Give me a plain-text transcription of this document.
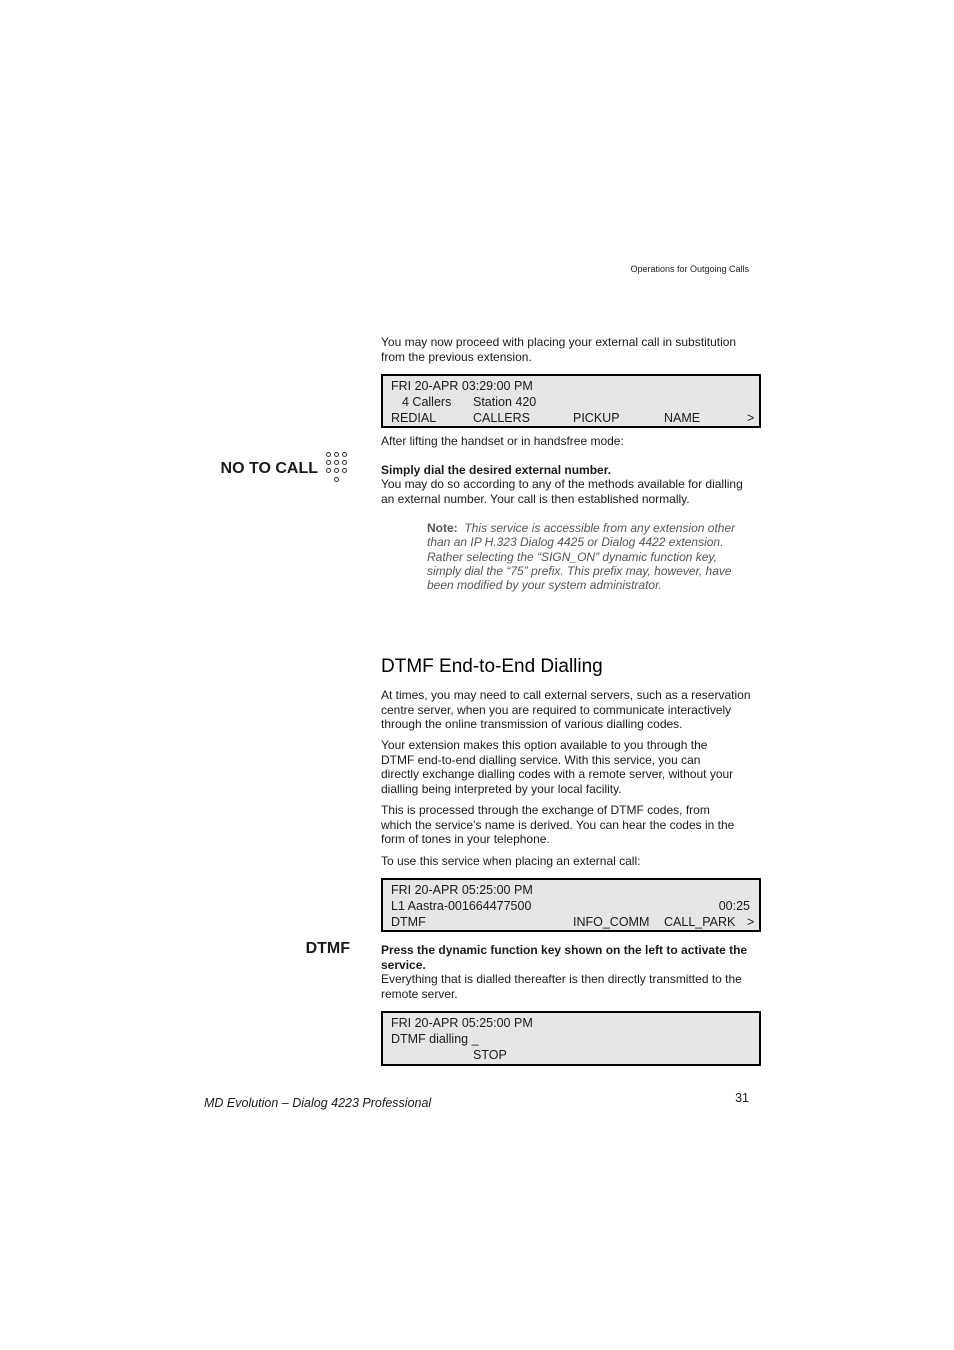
Operations for Outgoing Calls

You may now proceed with placing your external call in substitution from the previous extension.

FRI 20-APR 03:29:00 PM
4 Callers Station 420
REDIAL	CALLERS	PICKUP	NAME	>

After lifting the handset or in handsfree mode:

NO TO CALL	Simply dial the desired external number.

You may do so according to any of the methods available for dialling an external number. Your call is then established normally.

Note: This service is accessible from any extension other than an IP H.323 Dialog 4425 or Dialog 4422 extension. Rather selecting the “SIGN_ON” dynamic function key, simply dial the “75” prefix. This prefix may, however, have been modified by your system administrator.
DTMF End-to-End Dialling

At times, you may need to call external servers, such as a reservation centre server, when you are required to communicate interactively through the online transmission of various dialling codes.

Your extension makes this option available to you through the DTMF end-to-end dialling service. With this service, you can directly exchange dialling codes with a remote server, without your dialling being interpreted by your local facility.

This is processed through the exchange of DTMF codes, from which the service’s name is derived. You can hear the codes in the form of tones in your telephone.

To use this service when placing an external call:

FRI 20-APR 05:25:00 PM
L1 Aastra-001664477500	00:25
DTMF	INFO_COMM CALL_PARK >
DTMF	Press the dynamic function key shown on the left to activate the service.

Everything that is dialled thereafter is then directly transmitted to the remote server.

FRI 20-APR 05:25:00 PM
DTMF dialling _
STOP
MD Evolution – Dialog 4223 Professional	31
